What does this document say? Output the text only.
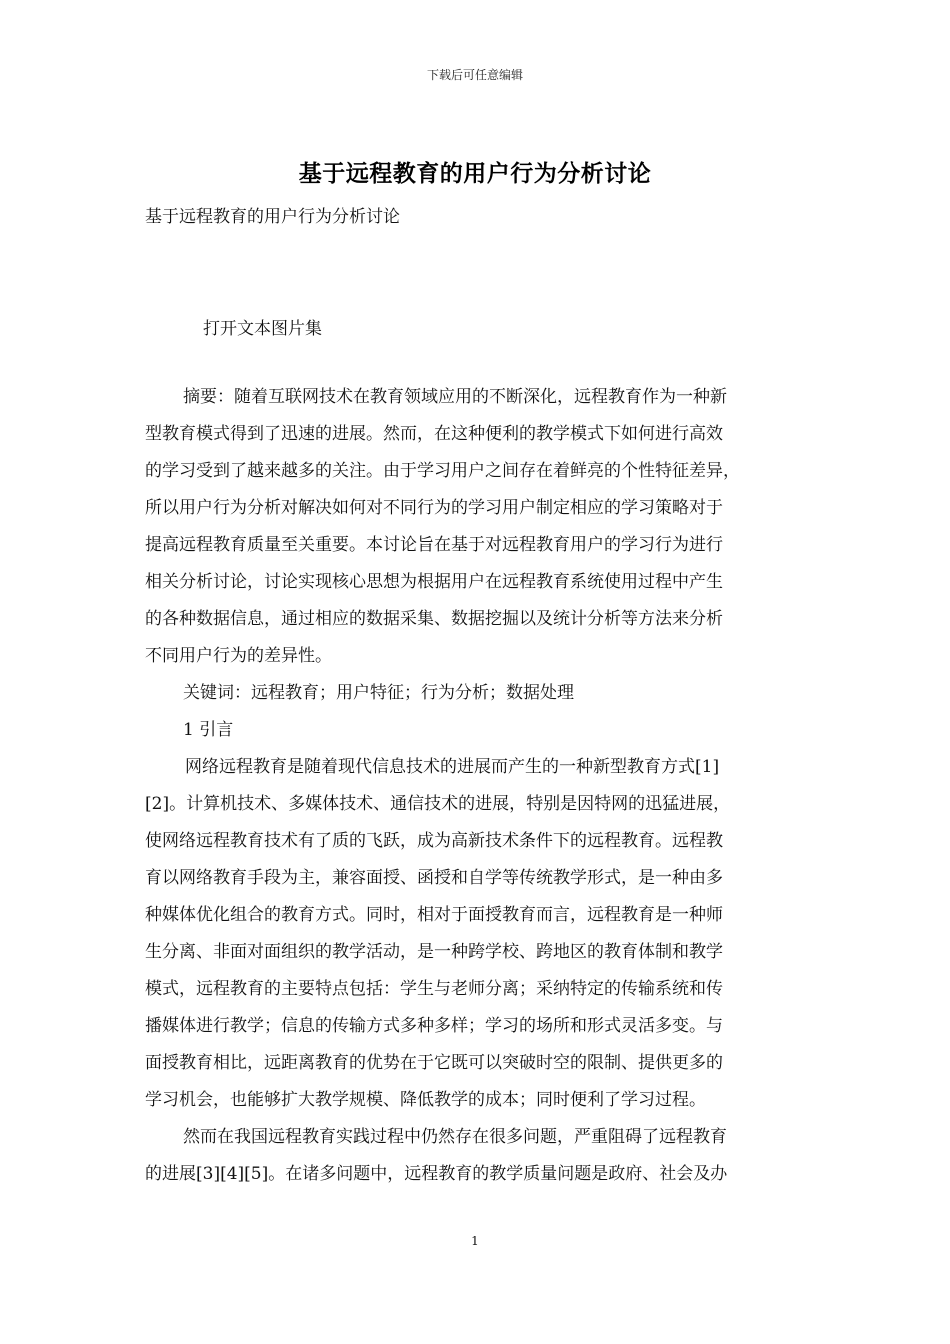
下载后可任意编辑
基于远程教育的用户行为分析讨论
基于远程教育的用户行为分析讨论
打开文本图片集
摘要：随着互联网技术在教育领域应用的不断深化，远程教育作为一种新
型教育模式得到了迅速的进展。然而，在这种便利的教学模式下如何进行高效
的学习受到了越来越多的关注。由于学习用户之间存在着鲜亮的个性特征差异，
所以用户行为分析对解决如何对不同行为的学习用户制定相应的学习策略对于
提高远程教育质量至关重要。本讨论旨在基于对远程教育用户的学习行为进行
相关分析讨论，讨论实现核心思想为根据用户在远程教育系统使用过程中产生
的各种数据信息，通过相应的数据采集、数据挖掘以及统计分析等方法来分析
不同用户行为的差异性。
关键词：远程教育；用户特征；行为分析；数据处理
1 引言
网络远程教育是随着现代信息技术的进展而产生的一种新型教育方式[1]
[2]。计算机技术、多媒体技术、通信技术的进展，特别是因特网的迅猛进展，
使网络远程教育技术有了质的飞跃，成为高新技术条件下的远程教育。远程教
育以网络教育手段为主，兼容面授、函授和自学等传统教学形式，是一种由多
种媒体优化组合的教育方式。同时，相对于面授教育而言，远程教育是一种师
生分离、非面对面组织的教学活动，是一种跨学校、跨地区的教育体制和教学
模式，远程教育的主要特点包括：学生与老师分离；采纳特定的传输系统和传
播媒体进行教学；信息的传输方式多种多样；学习的场所和形式灵活多变。与
面授教育相比，远距离教育的优势在于它既可以突破时空的限制、提供更多的
学习机会，也能够扩大教学规模、降低教学的成本；同时便利了学习过程。
然而在我国远程教育实践过程中仍然存在很多问题，严重阻碍了远程教育
的进展[3][4][5]。在诸多问题中，远程教育的教学质量问题是政府、社会及办
1
